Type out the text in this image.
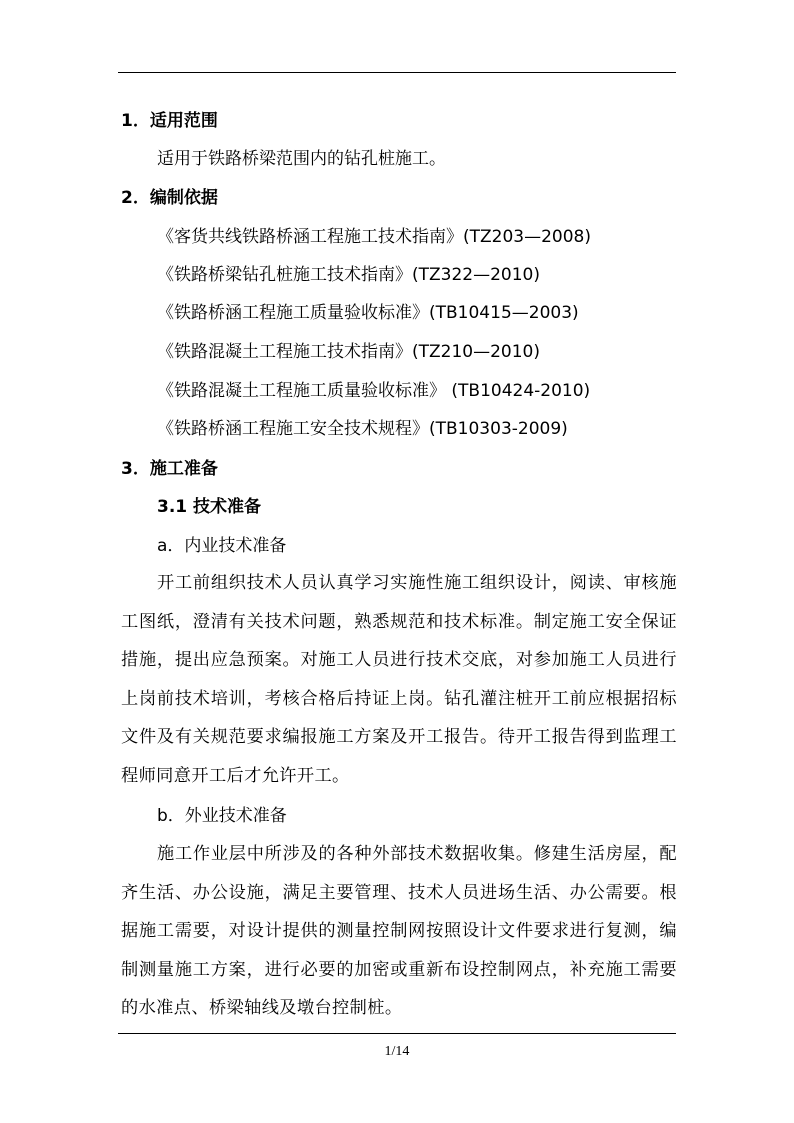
1．适用范围
适用于铁路桥梁范围内的钻孔桩施工。
2．编制依据
《客货共线铁路桥涵工程施工技术指南》(TZ203—2008)
《铁路桥梁钻孔桩施工技术指南》(TZ322—2010)
《铁路桥涵工程施工质量验收标准》(TB10415—2003)
《铁路混凝土工程施工技术指南》(TZ210—2010)
《铁路混凝土工程施工质量验收标准》 (TB10424-2010)
《铁路桥涵工程施工安全技术规程》(TB10303-2009)
3．施工准备
3.1 技术准备
a．内业技术准备
开工前组织技术人员认真学习实施性施工组织设计，阅读、审核施工图纸，澄清有关技术问题，熟悉规范和技术标准。制定施工安全保证措施，提出应急预案。对施工人员进行技术交底，对参加施工人员进行上岗前技术培训，考核合格后持证上岗。钻孔灌注桩开工前应根据招标文件及有关规范要求编报施工方案及开工报告。待开工报告得到监理工程师同意开工后才允许开工。
b．外业技术准备
施工作业层中所涉及的各种外部技术数据收集。修建生活房屋，配齐生活、办公设施，满足主要管理、技术人员进场生活、办公需要。根据施工需要，对设计提供的测量控制网按照设计文件要求进行复测，编制测量施工方案，进行必要的加密或重新布设控制网点，补充施工需要的水准点、桥梁轴线及墩台控制桩。
1/14
